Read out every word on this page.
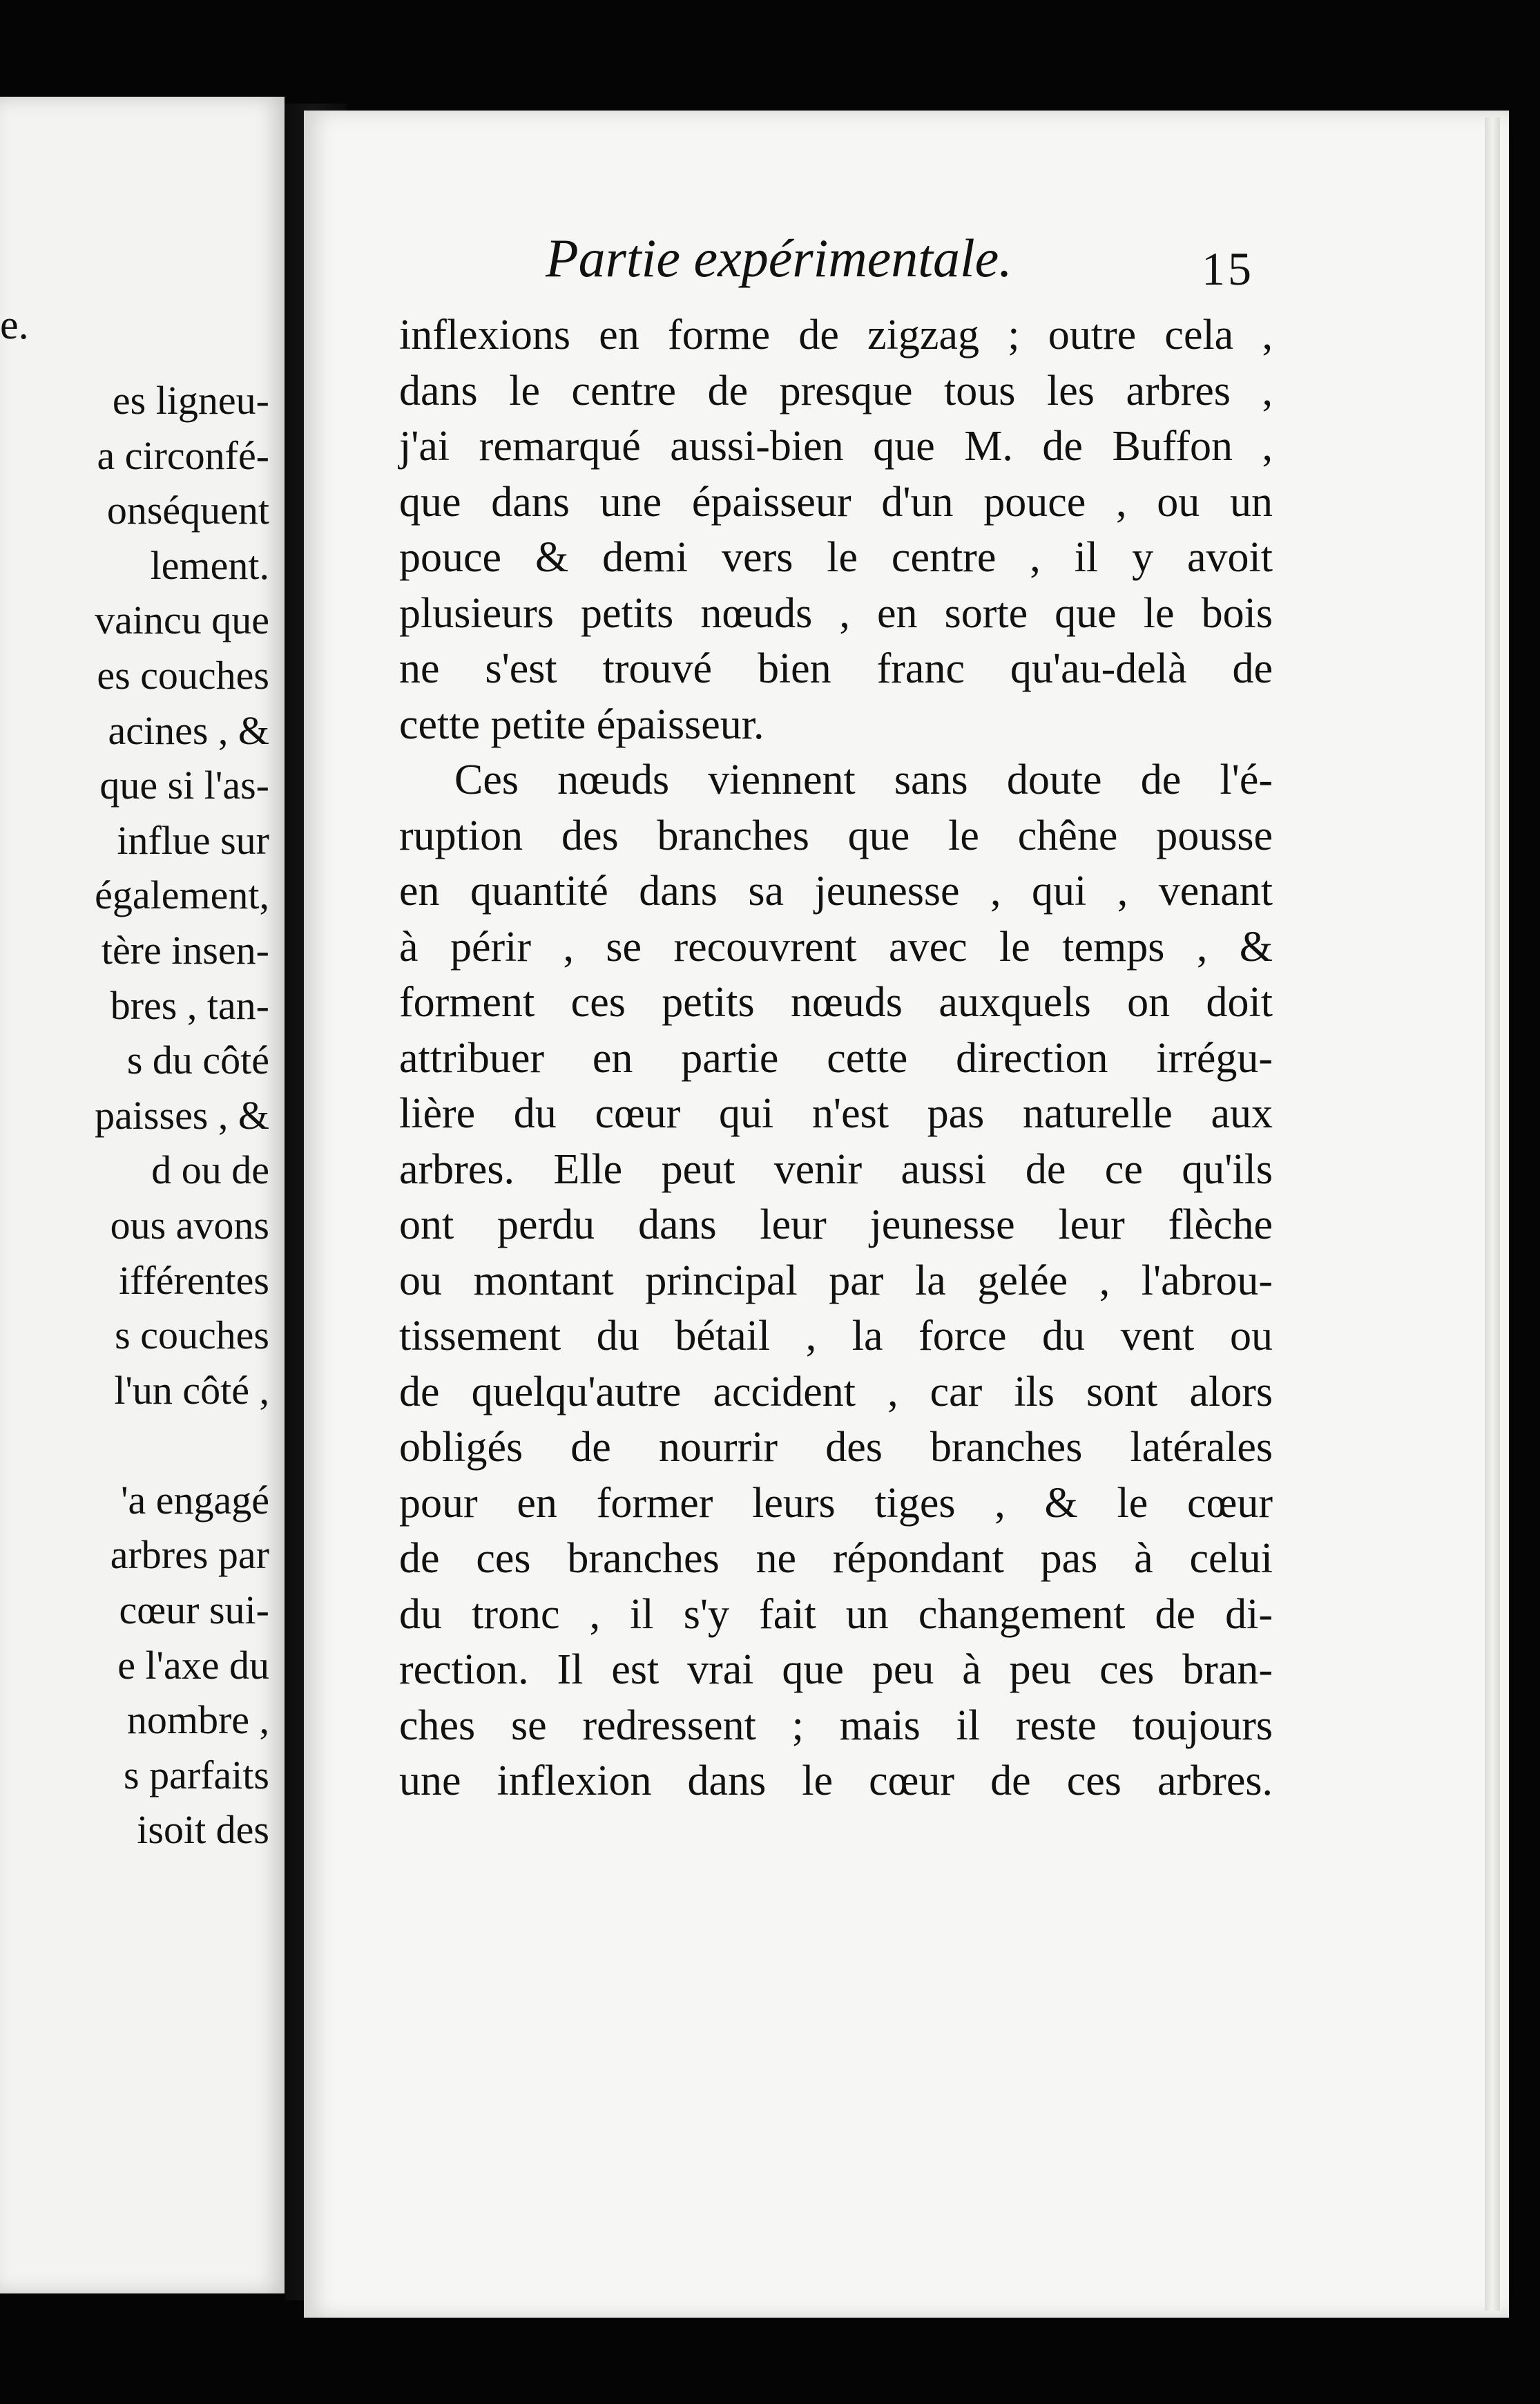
e.
es ligneu-
a circonfé-
onséquent
lement.
vaincu que
es couches
acines , &
que si l'as-
influe sur
également,
tère insen-
bres , tan-
s du côté
paisses , &
d ou de
ous avons
ifférentes
s couches
l'un côté ,
'a engagé
arbres par
cœur sui-
e l'axe du
nombre ,
s parfaits
isoit des
Partie expérimentale.	15
inflexions en forme de zigzag ; outre cela ,
dans le centre de presque tous les arbres ,
j'ai remarqué aussi-bien que M. de Buffon ,
que dans une épaisseur d'un pouce , ou un
pouce & demi vers le centre , il y avoit
plusieurs petits nœuds , en sorte que le bois
ne s'est trouvé bien franc qu'au-delà de
cette petite épaisseur.
Ces nœuds viennent sans doute de l'é-
ruption des branches que le chêne pousse
en quantité dans sa jeunesse , qui , venant
à périr , se recouvrent avec le temps , &
forment ces petits nœuds auxquels on doit
attribuer en partie cette direction irrégu-
lière du cœur qui n'est pas naturelle aux
arbres. Elle peut venir aussi de ce qu'ils
ont perdu dans leur jeunesse leur flèche
ou montant principal par la gelée , l'abrou-
tissement du bétail , la force du vent ou
de quelqu'autre accident , car ils sont alors
obligés de nourrir des branches latérales
pour en former leurs tiges , & le cœur
de ces branches ne répondant pas à celui
du tronc , il s'y fait un changement de di-
rection. Il est vrai que peu à peu ces bran-
ches se redressent ; mais il reste toujours
une inflexion dans le cœur de ces arbres.
